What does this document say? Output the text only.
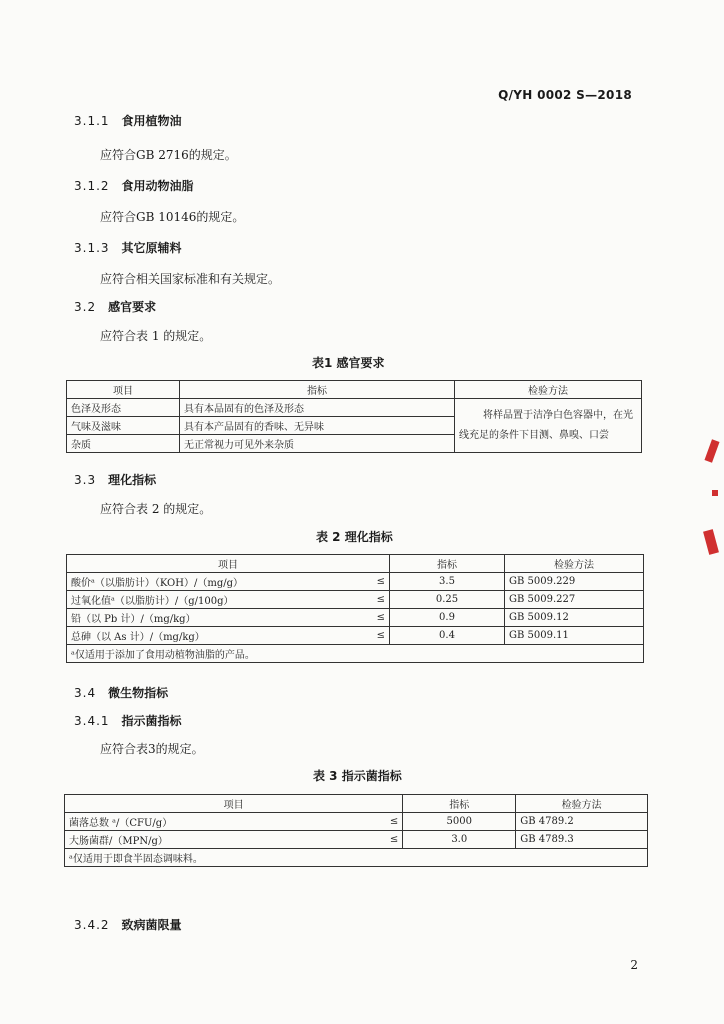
Q/YH 0002 S—2018
3.1.1 食用植物油
应符合GB 2716的规定。
3.1.2 食用动物油脂
应符合GB 10146的规定。
3.1.3 其它原辅料
应符合相关国家标准和有关规定。
3.2 感官要求
应符合表 1 的规定。
表1 感官要求
项目	指标	检验方法
色泽及形态	具有本品固有的色泽及形态	将样品置于洁净白色容器中，在光线充足的条件下目测、鼻嗅、口尝
气味及滋味	具有本产品固有的香味、无异味	
杂质	无正常视力可见外来杂质	
3.3 理化指标
应符合表 2 的规定。
表 2 理化指标
项目		指标	检验方法
酸价ᵃ（以脂肪计）（KOH）/（mg/g）	≤	3.5	GB 5009.229
过氧化值ᵃ（以脂肪计）/（g/100g）	≤	0.25	GB 5009.227
铅（以 Pb 计）/（mg/kg）	≤	0.9	GB 5009.12
总砷（以 As 计）/（mg/kg）	≤	0.4	GB 5009.11
ᵃ仅适用于添加了食用动植物油脂的产品。			
3.4 微生物指标
3.4.1 指示菌指标
应符合表3的规定。
表 3 指示菌指标
项目		指标	检验方法
菌落总数 ᵃ/（CFU/g）	≤	5000	GB 4789.2
大肠菌群/（MPN/g）	≤	3.0	GB 4789.3
ᵃ仅适用于即食半固态调味料。			
3.4.2 致病菌限量
2
